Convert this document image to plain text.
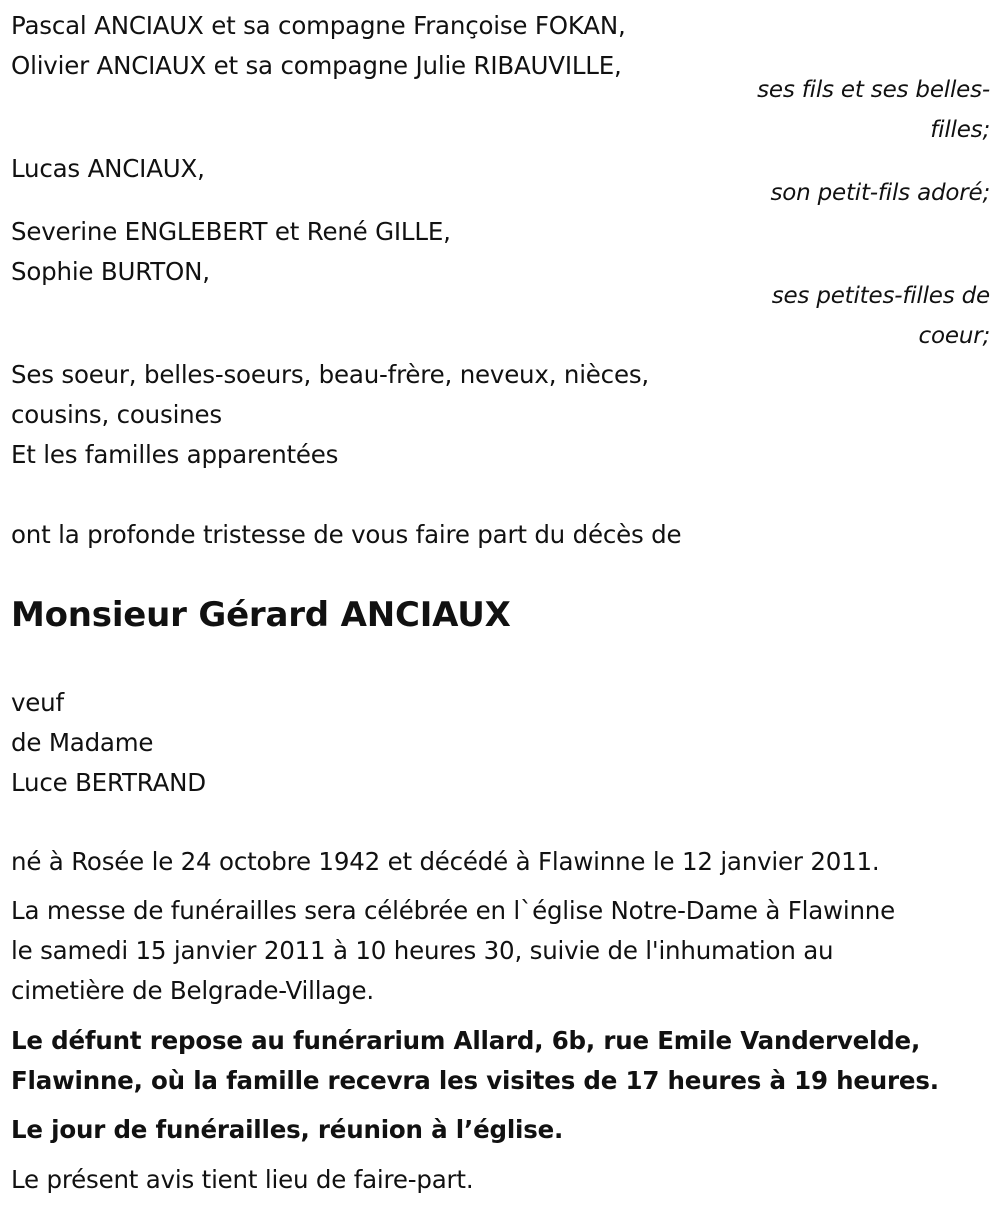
Pascal ANCIAUX et sa compagne Françoise FOKAN,
Olivier ANCIAUX et sa compagne Julie RIBAUVILLE,
ses fils et ses belles-
filles;
Lucas ANCIAUX,
son petit-fils adoré;
Severine ENGLEBERT et René GILLE,
Sophie BURTON,
ses petites-filles de
coeur;
Ses soeur, belles-soeurs, beau-frère, neveux, nièces,
cousins, cousines
Et les familles apparentées
ont la profonde tristesse de vous faire part du décès de
Monsieur Gérard ANCIAUX
veuf
de Madame
Luce BERTRAND
né à Rosée le 24 octobre 1942 et décédé à Flawinne le 12 janvier 2011.
La messe de funérailles sera célébrée en l`église Notre-Dame à Flawinne
le samedi 15 janvier 2011 à 10 heures 30, suivie de l'inhumation au
cimetière de Belgrade-Village.
Le défunt repose au funérarium Allard, 6b, rue Emile Vandervelde,
Flawinne, où la famille recevra les visites de 17 heures à 19 heures.
Le jour de funérailles, réunion à l’église.
Le présent avis tient lieu de faire-part.
